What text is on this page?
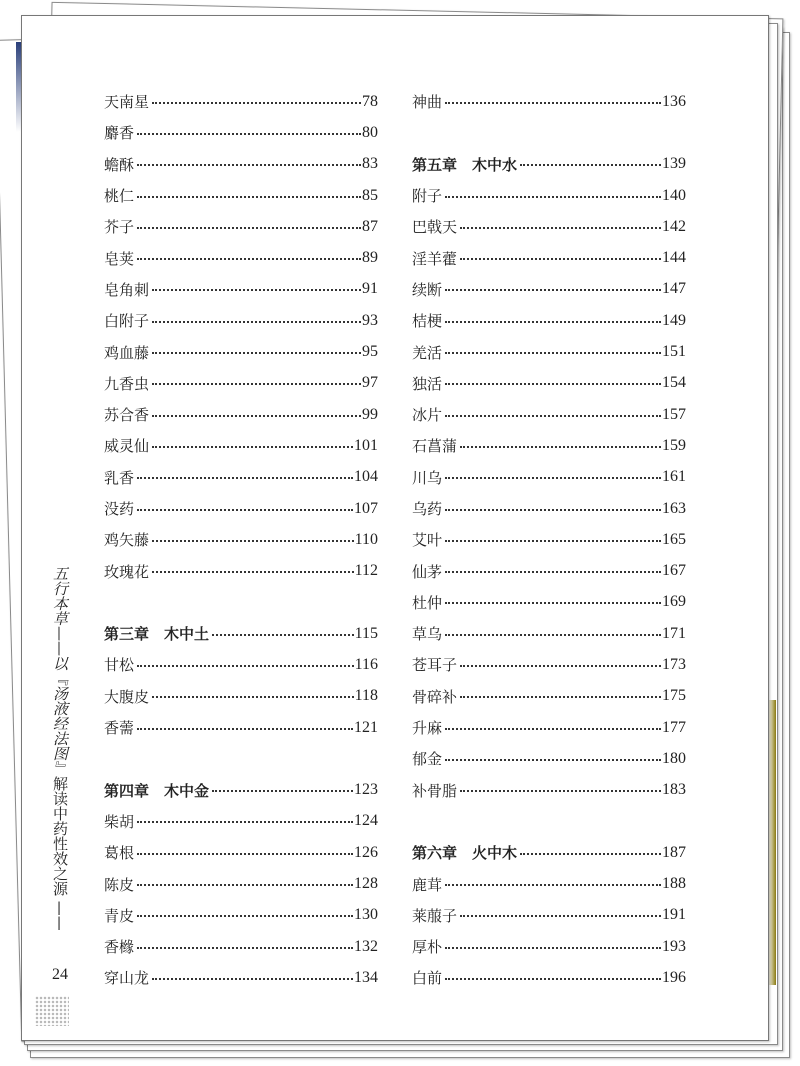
天南星	78
麝香	80
蟾酥	83
桃仁	85
芥子	87
皂荚	89
皂角刺	91
白附子	93
鸡血藤	95
九香虫	97
苏合香	99
威灵仙	101
乳香	104
没药	107
鸡矢藤	110
玫瑰花	112
第三章　木中土	115
甘松	116
大腹皮	118
香薷	121
第四章　木中金	123
柴胡	124
葛根	126
陈皮	128
青皮	130
香橼	132
穿山龙	134
神曲	136
第五章　木中水	139
附子	140
巴戟天	142
淫羊藿	144
续断	147
桔梗	149
羌活	151
独活	154
冰片	157
石菖蒲	159
川乌	161
乌药	163
艾叶	165
仙茅	167
杜仲	169
草乌	171
苍耳子	173
骨碎补	175
升麻	177
郁金	180
补骨脂	183
第六章　火中木	187
鹿茸	188
莱菔子	191
厚朴	193
白前	196
五行本草——以『汤液经法图』解读中药性效之源 ——
24
